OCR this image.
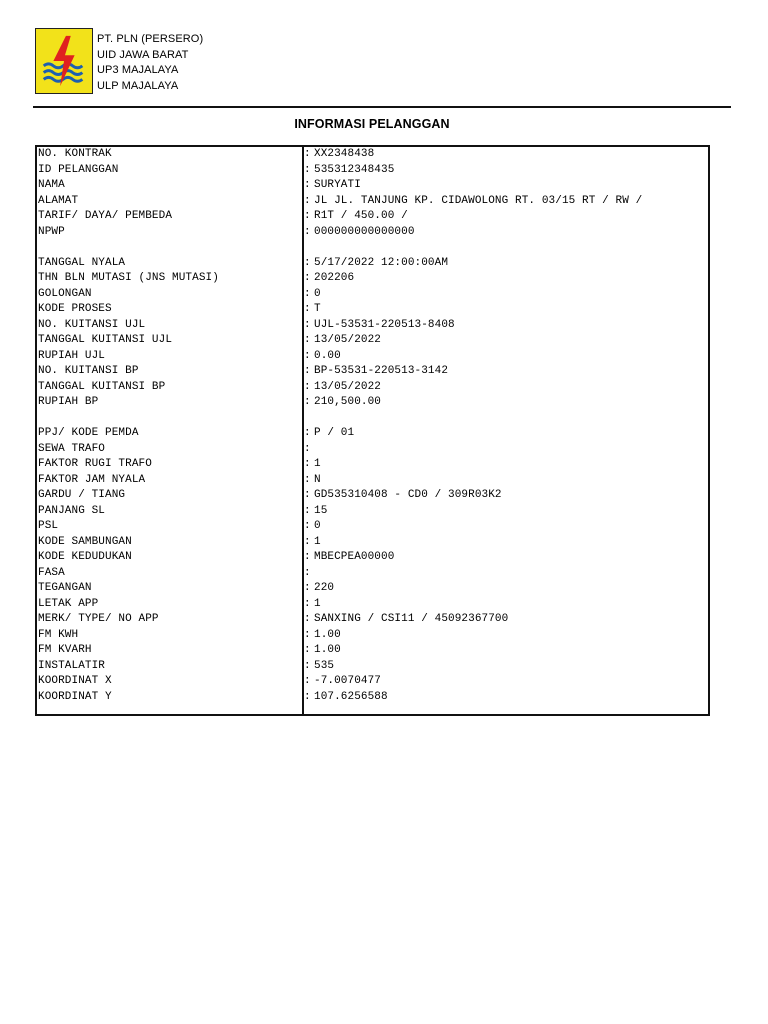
PT. PLN (PERSERO)
UID JAWA BARAT
UP3 MAJALAYA
ULP MAJALAYA
INFORMASI PELANGGAN
NO. KONTRAK	: XX2348438
ID PELANGGAN	: 535312348435
NAMA	: SURYATI
ALAMAT	: JL JL. TANJUNG KP. CIDAWOLONG RT. 03/15 RT / RW /
TARIF/ DAYA/ PEMBEDA	: R1T / 450.00 /
NPWP	: 000000000000000
TANGGAL NYALA	: 5/17/2022 12:00:00AM
THN BLN MUTASI (JNS MUTASI)	: 202206
GOLONGAN	: 0
KODE PROSES	: T
NO. KUITANSI UJL	: UJL-53531-220513-8408
TANGGAL KUITANSI UJL	: 13/05/2022
RUPIAH UJL	: 0.00
NO. KUITANSI BP	: BP-53531-220513-3142
TANGGAL KUITANSI BP	: 13/05/2022
RUPIAH BP	: 210,500.00
PPJ/ KODE PEMDA	: P / 01
SEWA TRAFO	:
FAKTOR RUGI TRAFO	: 1
FAKTOR JAM NYALA	: N
GARDU / TIANG	: GD535310408 - CD0 / 309R03K2
PANJANG SL	: 15
PSL	: 0
KODE SAMBUNGAN	: 1
KODE KEDUDUKAN	: MBECPEA00000
FASA	:
TEGANGAN	: 220
LETAK APP	: 1
MERK/ TYPE/ NO APP	: SANXING / CSI11 / 45092367700
FM KWH	: 1.00
FM KVARH	: 1.00
INSTALATIR	: 535
KOORDINAT X	: -7.0070477
KOORDINAT Y	: 107.6256588
